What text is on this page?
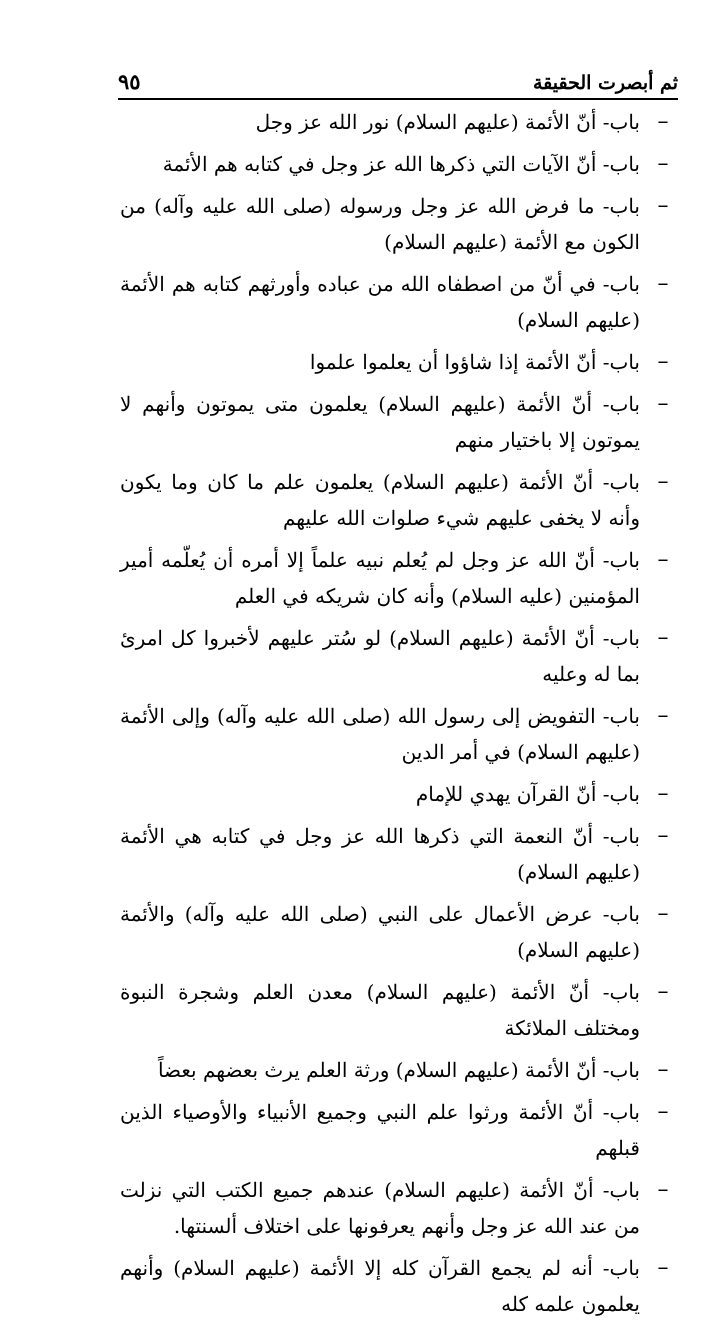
ثم أبصرت الحقيقة
٩٥
–
باب- أنّ الأئمة (عليهم السلام) نور الله عز وجل
–
باب- أنّ الآيات التي ذكرها الله عز وجل في كتابه هم الأئمة
–
باب- ما فرض الله عز وجل ورسوله (صلى الله عليه وآله) من الكون مع الأئمة (عليهم السلام)
–
باب- في أنّ من اصطفاه الله من عباده وأورثهم كتابه هم الأئمة (عليهم السلام)
–
باب- أنّ الأئمة إذا شاؤوا أن يعلموا علموا
–
باب- أنّ الأئمة (عليهم السلام) يعلمون متى يموتون وأنهم لا يموتون إلا باختيار منهم
–
باب- أنّ الأئمة (عليهم السلام) يعلمون علم ما كان وما يكون وأنه لا يخفى عليهم شيء صلوات الله عليهم
–
باب- أنّ الله عز وجل لم يُعلم نبيه علماً إلا أمره أن يُعلّمه أمير المؤمنين (عليه السلام) وأنه كان شريكه في العلم
–
باب- أنّ الأئمة (عليهم السلام) لو سُتر عليهم لأخبروا كل امرئ بما له وعليه
–
باب- التفويض إلى رسول الله (صلى الله عليه وآله) وإلى الأئمة (عليهم السلام) في أمر الدين
–
باب- أنّ القرآن يهدي للإمام
–
باب- أنّ النعمة التي ذكرها الله عز وجل في كتابه هي الأئمة (عليهم السلام)
–
باب- عرض الأعمال على النبي (صلى الله عليه وآله) والأئمة (عليهم السلام)
–
باب- أنّ الأئمة (عليهم السلام) معدن العلم وشجرة النبوة ومختلف الملائكة
–
باب- أنّ الأئمة (عليهم السلام) ورثة العلم يرث بعضهم بعضاً
–
باب- أنّ الأئمة ورثوا علم النبي وجميع الأنبياء والأوصياء الذين قبلهم
–
باب- أنّ الأئمة (عليهم السلام) عندهم جميع الكتب التي نزلت من عند الله عز وجل وأنهم يعرفونها على اختلاف ألسنتها.
–
باب- أنه لم يجمع القرآن كله إلا الأئمة (عليهم السلام) وأنهم يعلمون علمه كله
